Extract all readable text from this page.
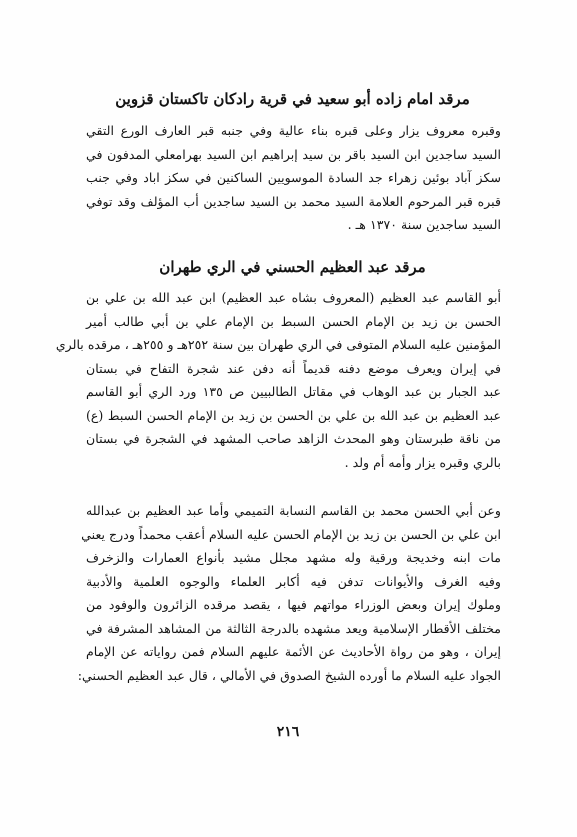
مرقد امام زاده أبو سعيد في قرية رادكان تاكستان قزوين
وقبره معروف يزار وعلى قبره بناء عالية وفي جنبه قبر العارف الورع التقي
السيد ساجدين ابن السيد باقر بن سيد إبراهيم ابن السيد بهرامعلي المدفون في
سكز آباد بوئين زهراء جد السادة الموسويين الساكنين في سكز اباد وفي جنب
قبره قبر المرحوم العلامة السيد محمد بن السيد ساجدين أب المؤلف وقد توفي
السيد ساجدين سنة ١٣٧٠ هـ .
مرقد عبد العظيم الحسني في الري طهران
أبو القاسم عبد العظيم (المعروف بشاه عبد العظيم) ابن عبد الله بن علي بن
الحسن بن زيد بن الإمام الحسن السبط بن الإمام علي بن أبي طالب أمير
المؤمنين عليه السلام المتوفى في الري طهران بين سنة ٢٥٢هـ و ٢٥٥هـ ، مرقده بالري
في إيران ويعرف موضع دفنه قديماً أنه دفن عند شجرة التفاح في بستان
عبد الجبار بن عبد الوهاب في مقاتل الطالبيين ص ١٣٥ ورد الري أبو القاسم
عبد العظيم بن عبد الله بن علي بن الحسن بن زيد بن الإمام الحسن السبط (ع)
من ناقة طبرستان وهو المحدث الزاهد صاحب المشهد في الشجرة في بستان
بالري وقبره يزار وأمه أم ولد .
وعن أبي الحسن محمد بن القاسم النسابة التميمي وأما عبد العظيم بن عبدالله
ابن علي بن الحسن بن زيد بن الإمام الحسن عليه السلام أعقب محمداً ودرج يعني
مات ابنه وخديجة ورقية وله مشهد مجلل مشيد بأنواع العمارات والزخرف
وفيه الغرف والأيوانات تدفن فيه أكابر العلماء والوجوه العلمية والأدبية
وملوك إيران وبعض الوزراء مواتهم فيها ، يقصد مرقده الزائرون والوفود من
مختلف الأقطار الإسلامية ويعد مشهده بالدرجة الثالثة من المشاهد المشرفة في
إيران ، وهو من رواة الأحاديث عن الأئمة عليهم السلام فمن رواياته عن الإمام
الجواد عليه السلام ما أورده الشيخ الصدوق في الأمالي ، قال عبد العظيم الحسني:
٢١٦
